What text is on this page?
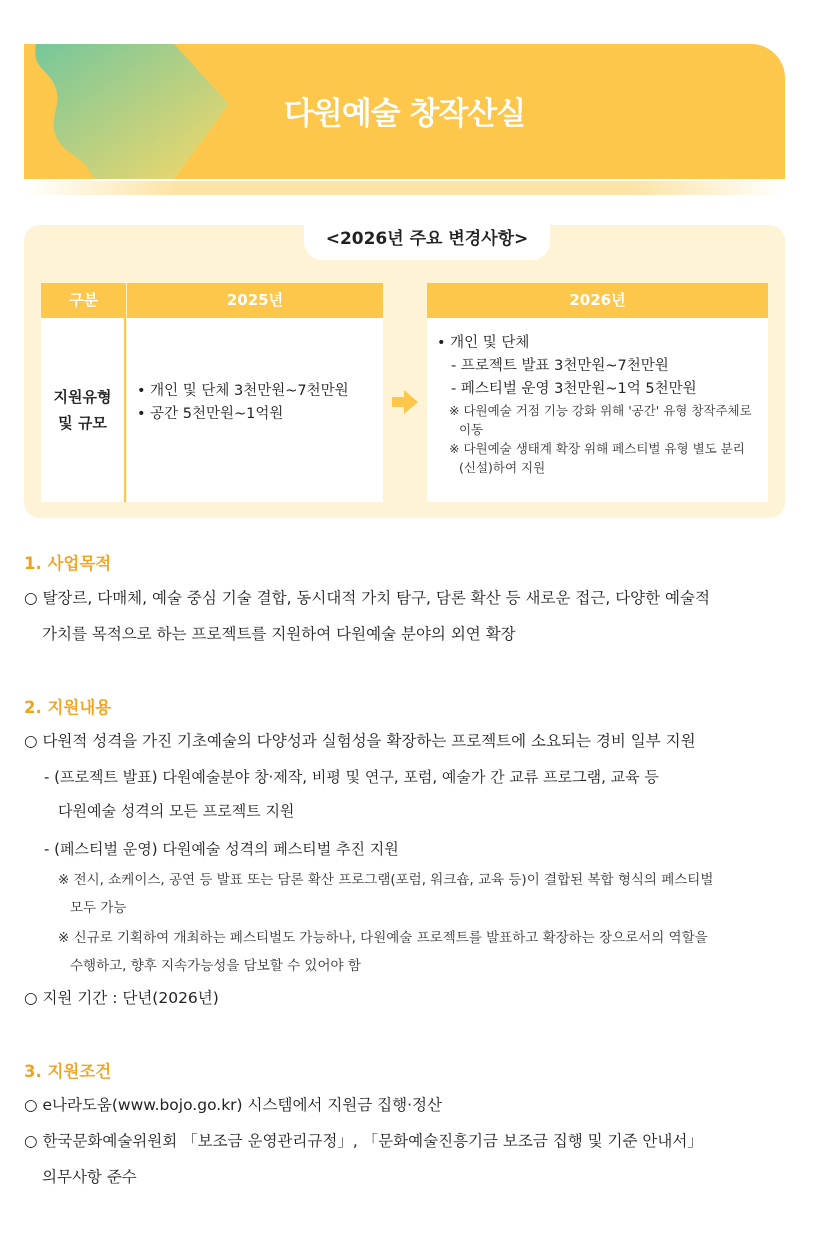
다원예술 창작산실
<2026년 주요 변경사항>
구분	2025년	2026년
지원유형
및 규모
• 개인 및 단체 3천만원~7천만원
• 공간 5천만원~1억원
• 개인 및 단체
- 프로젝트 발표 3천만원~7천만원
- 페스티벌 운영 3천만원~1억 5천만원
※ 다원예술 거점 기능 강화 위해 '공간' 유형 창작주체로 이동
※ 다원예술 생태계 확장 위해 페스티벌 유형 별도 분리(신설)하여 지원
1. 사업목적
○ 탈장르, 다매체, 예술 중심 기술 결합, 동시대적 가치 탐구, 담론 확산 등 새로운 접근, 다양한 예술적
가치를 목적으로 하는 프로젝트를 지원하여 다원예술 분야의 외연 확장
2. 지원내용
○ 다원적 성격을 가진 기초예술의 다양성과 실험성을 확장하는 프로젝트에 소요되는 경비 일부 지원
- (프로젝트 발표) 다원예술분야 창·제작, 비평 및 연구, 포럼, 예술가 간 교류 프로그램, 교육 등
다원예술 성격의 모든 프로젝트 지원
- (페스티벌 운영) 다원예술 성격의 페스티벌 추진 지원
※ 전시, 쇼케이스, 공연 등 발표 또는 담론 확산 프로그램(포럼, 워크숍, 교육 등)이 결합된 복합 형식의 페스티벌
모두 가능
※ 신규로 기획하여 개최하는 페스티벌도 가능하나, 다원예술 프로젝트를 발표하고 확장하는 장으로서의 역할을
수행하고, 향후 지속가능성을 담보할 수 있어야 함
○ 지원 기간 : 단년(2026년)
3. 지원조건
○ e나라도움(www.bojo.go.kr) 시스템에서 지원금 집행·정산
○ 한국문화예술위원회 「보조금 운영관리규정」, 「문화예술진흥기금 보조금 집행 및 기준 안내서」
의무사항 준수
